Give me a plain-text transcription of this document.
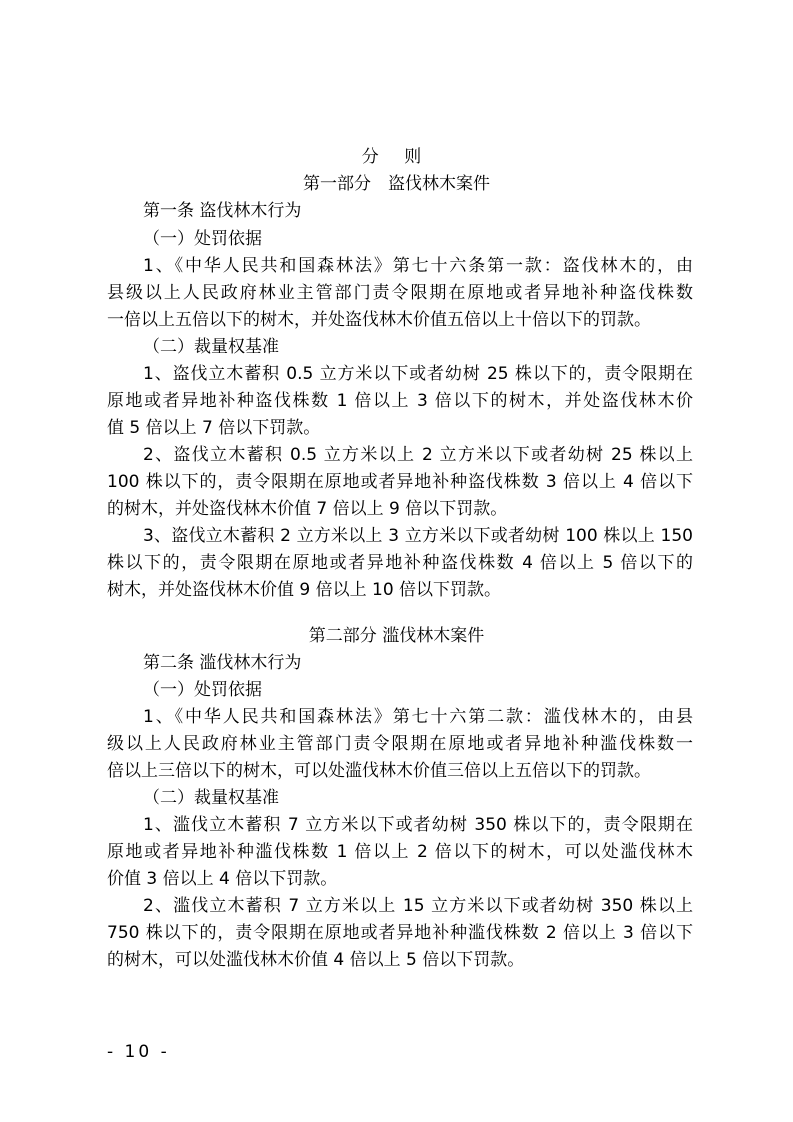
分 则
第一部分　盗伐林木案件
第一条 盗伐林木行为
（一）处罚依据
1、《中华人民共和国森林法》第七十六条第一款：盗伐林木的，由
县级以上人民政府林业主管部门责令限期在原地或者异地补种盗伐株数
一倍以上五倍以下的树木，并处盗伐林木价值五倍以上十倍以下的罚款。
（二）裁量权基准
1、盗伐立木蓄积 0.5 立方米以下或者幼树 25 株以下的，责令限期在
原地或者异地补种盗伐株数 1 倍以上 3 倍以下的树木，并处盗伐林木价
值 5 倍以上 7 倍以下罚款。
2、盗伐立木蓄积 0.5 立方米以上 2 立方米以下或者幼树 25 株以上
100 株以下的，责令限期在原地或者异地补种盗伐株数 3 倍以上 4 倍以下
的树木，并处盗伐林木价值 7 倍以上 9 倍以下罚款。
3、盗伐立木蓄积 2 立方米以上 3 立方米以下或者幼树 100 株以上 150
株以下的，责令限期在原地或者异地补种盗伐株数 4 倍以上 5 倍以下的
树木，并处盗伐林木价值 9 倍以上 10 倍以下罚款。
第二部分 滥伐林木案件
第二条 滥伐林木行为
（一）处罚依据
1、《中华人民共和国森林法》第七十六第二款：滥伐林木的，由县
级以上人民政府林业主管部门责令限期在原地或者异地补种滥伐株数一
倍以上三倍以下的树木，可以处滥伐林木价值三倍以上五倍以下的罚款。
（二）裁量权基准
1、滥伐立木蓄积 7 立方米以下或者幼树 350 株以下的，责令限期在
原地或者异地补种滥伐株数 1 倍以上 2 倍以下的树木，可以处滥伐林木
价值 3 倍以上 4 倍以下罚款。
2、滥伐立木蓄积 7 立方米以上 15 立方米以下或者幼树 350 株以上
750 株以下的，责令限期在原地或者异地补种滥伐株数 2 倍以上 3 倍以下
的树木，可以处滥伐林木价值 4 倍以上 5 倍以下罚款。
- 10 -
